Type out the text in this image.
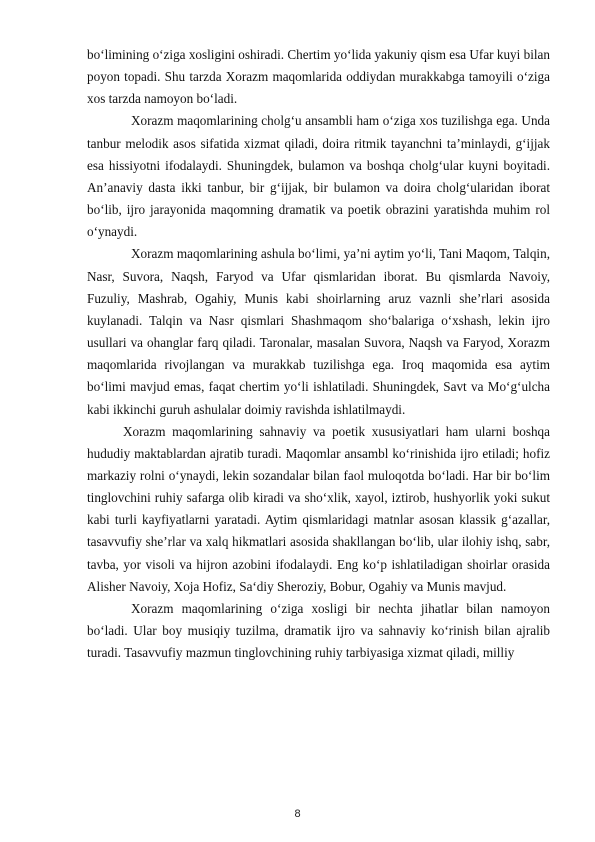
bo‘limining o‘ziga xosligini oshiradi. Chertim yo‘lida yakuniy qism esa Ufar kuyi bilan poyon topadi. Shu tarzda Xorazm maqomlarida oddiydan murakkabga tamoyili o‘ziga xos tarzda namoyon bo‘ladi.

Xorazm maqomlarining cholg‘u ansambli ham o‘ziga xos tuzilishga ega. Unda tanbur melodik asos sifatida xizmat qiladi, doira ritmik tayanchni ta’minlaydi, g‘ijjak esa hissiyotni ifodalaydi. Shuningdek, bulamon va boshqa cholg‘ular kuyni boyitadi. An’anaviy dasta ikki tanbur, bir g‘ijjak, bir bulamon va doira cholg‘ularidan iborat bo‘lib, ijro jarayonida maqomning dramatik va poetik obrazini yaratishda muhim rol o‘ynaydi.

Xorazm maqomlarining ashula bo‘limi, ya’ni aytim yo‘li, Tani Maqom, Talqin, Nasr, Suvora, Naqsh, Faryod va Ufar qismlaridan iborat. Bu qismlarda Navoiy, Fuzuliy, Mashrab, Ogahiy, Munis kabi shoirlarning aruz vaznli she’rlari asosida kuylanadi. Talqin va Nasr qismlari Shashmaqom sho‘balariga o‘xshash, lekin ijro usullari va ohanglar farq qiladi. Taronalar, masalan Suvora, Naqsh va Faryod, Xorazm maqomlarida rivojlangan va murakkab tuzilishga ega. Iroq maqomida esa aytim bo‘limi mavjud emas, faqat chertim yo‘li ishlatiladi. Shuningdek, Savt va Mo‘g‘ulcha kabi ikkinchi guruh ashulalar doimiy ravishda ishlatilmaydi.

Xorazm maqomlarining sahnaviy va poetik xususiyatlari ham ularni boshqa hududiy maktablardan ajratib turadi. Maqomlar ansambl ko‘rinishida ijro etiladi; hofiz markaziy rolni o‘ynaydi, lekin sozandalar bilan faol muloqotda bo‘ladi. Har bir bo‘lim tinglovchini ruhiy safarga olib kiradi va sho‘xlik, xayol, iztirob, hushyorlik yoki sukut kabi turli kayfiyatlarni yaratadi. Aytim qismlaridagi matnlar asosan klassik g‘azallar, tasavvufiy she’rlar va xalq hikmatlari asosida shakllangan bo‘lib, ular ilohiy ishq, sabr, tavba, yor visoli va hijron azobini ifodalaydi. Eng ko‘p ishlatiladigan shoirlar orasida Alisher Navoiy, Xoja Hofiz, Sa‘diy Sheroziy, Bobur, Ogahiy va Munis mavjud.

Xorazm maqomlarining o‘ziga xosligi bir nechta jihatlar bilan namoyon bo‘ladi. Ular boy musiqiy tuzilma, dramatik ijro va sahnaviy ko‘rinish bilan ajralib turadi. Tasavvufiy mazmun tinglovchining ruhiy tarbiyasiga xizmat qiladi, milliy

8
